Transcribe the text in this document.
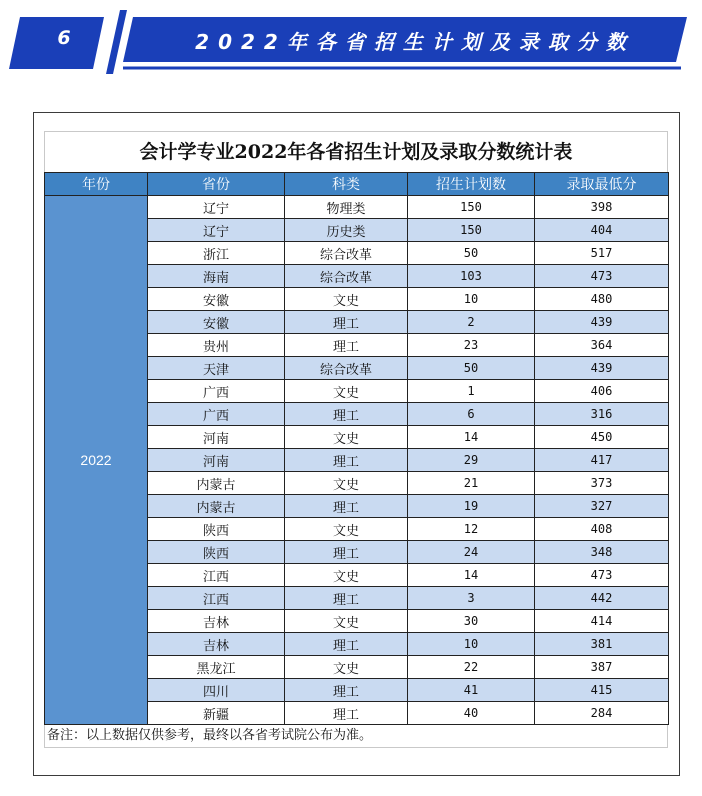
6	2022年各省招生计划及录取分数
会计学专业2022年各省招生计划及录取分数统计表
年份	省份	科类	招生计划数	录取最低分
2022	辽宁	物理类	150	398
	辽宁	历史类	150	404
	浙江	综合改革	50	517
	海南	综合改革	103	473
	安徽	文史	10	480
	安徽	理工	2	439
	贵州	理工	23	364
	天津	综合改革	50	439
	广西	文史	1	406
	广西	理工	6	316
	河南	文史	14	450
	河南	理工	29	417
	内蒙古	文史	21	373
	内蒙古	理工	19	327
	陕西	文史	12	408
	陕西	理工	24	348
	江西	文史	14	473
	江西	理工	3	442
	吉林	文史	30	414
	吉林	理工	10	381
	黑龙江	文史	22	387
	四川	理工	41	415
	新疆	理工	40	284
备注：以上数据仅供参考，最终以各省考试院公布为准。
